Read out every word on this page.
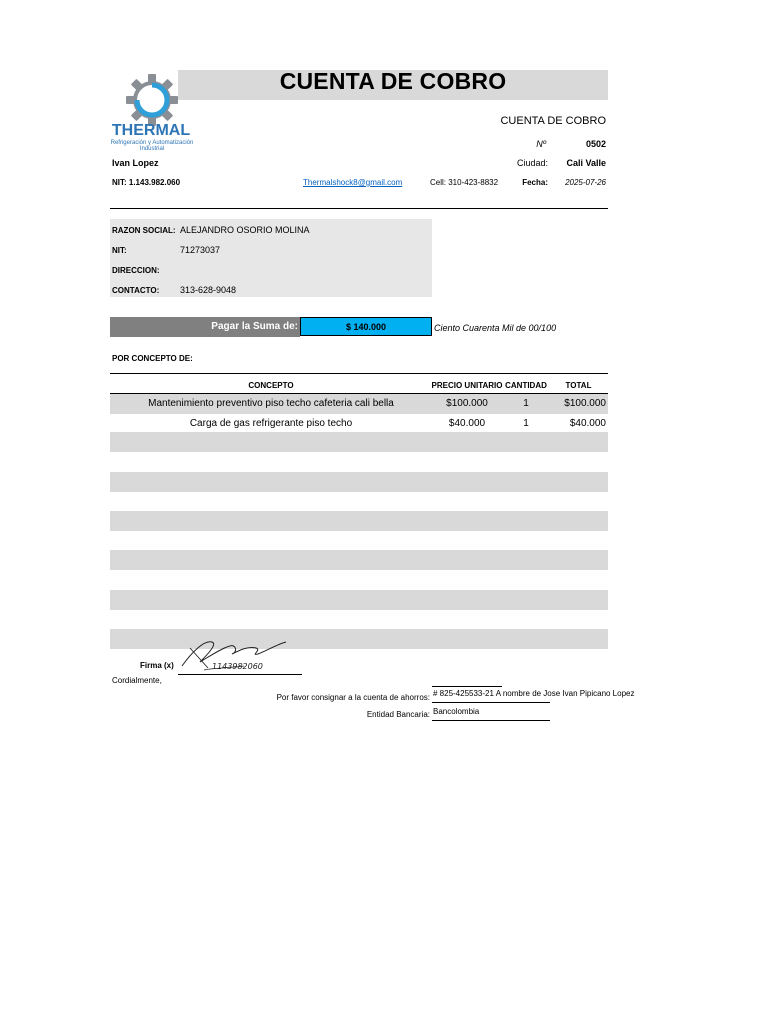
CUENTA DE COBRO
THERMAL
Refrigeración y Automatización
Industrial
CUENTA DE COBRO
Nº	0502
Ciudad:	Cali Valle
Fecha:	2025-07-26
Ivan Lopez
NIT: 1.143.982.060	Thermalshock8@gmail.com	Cell: 310-423-8832
RAZON SOCIAL: ALEJANDRO OSORIO MOLINA
NIT:	71273037
DIRECCION:
CONTACTO: 313-628-9048
Pagar la Suma de:	$ 140.000	Ciento Cuarenta Mil de 00/100
POR CONCEPTO DE:
CONCEPTO	PRECIO UNITARIO CANTIDAD	TOTAL
Mantenimiento preventivo piso techo cafeteria cali bella	$100.000	1	$100.000
Carga de gas refrigerante piso techo	$40.000	1	$40.000
Firma (x)	1143982060
Cordialmente,
Por favor consignar a la cuenta de ahorros: # 825-425533-21 A nombre de Jose Ivan Pipicano Lopez
Entidad Bancaria: Bancolombia
